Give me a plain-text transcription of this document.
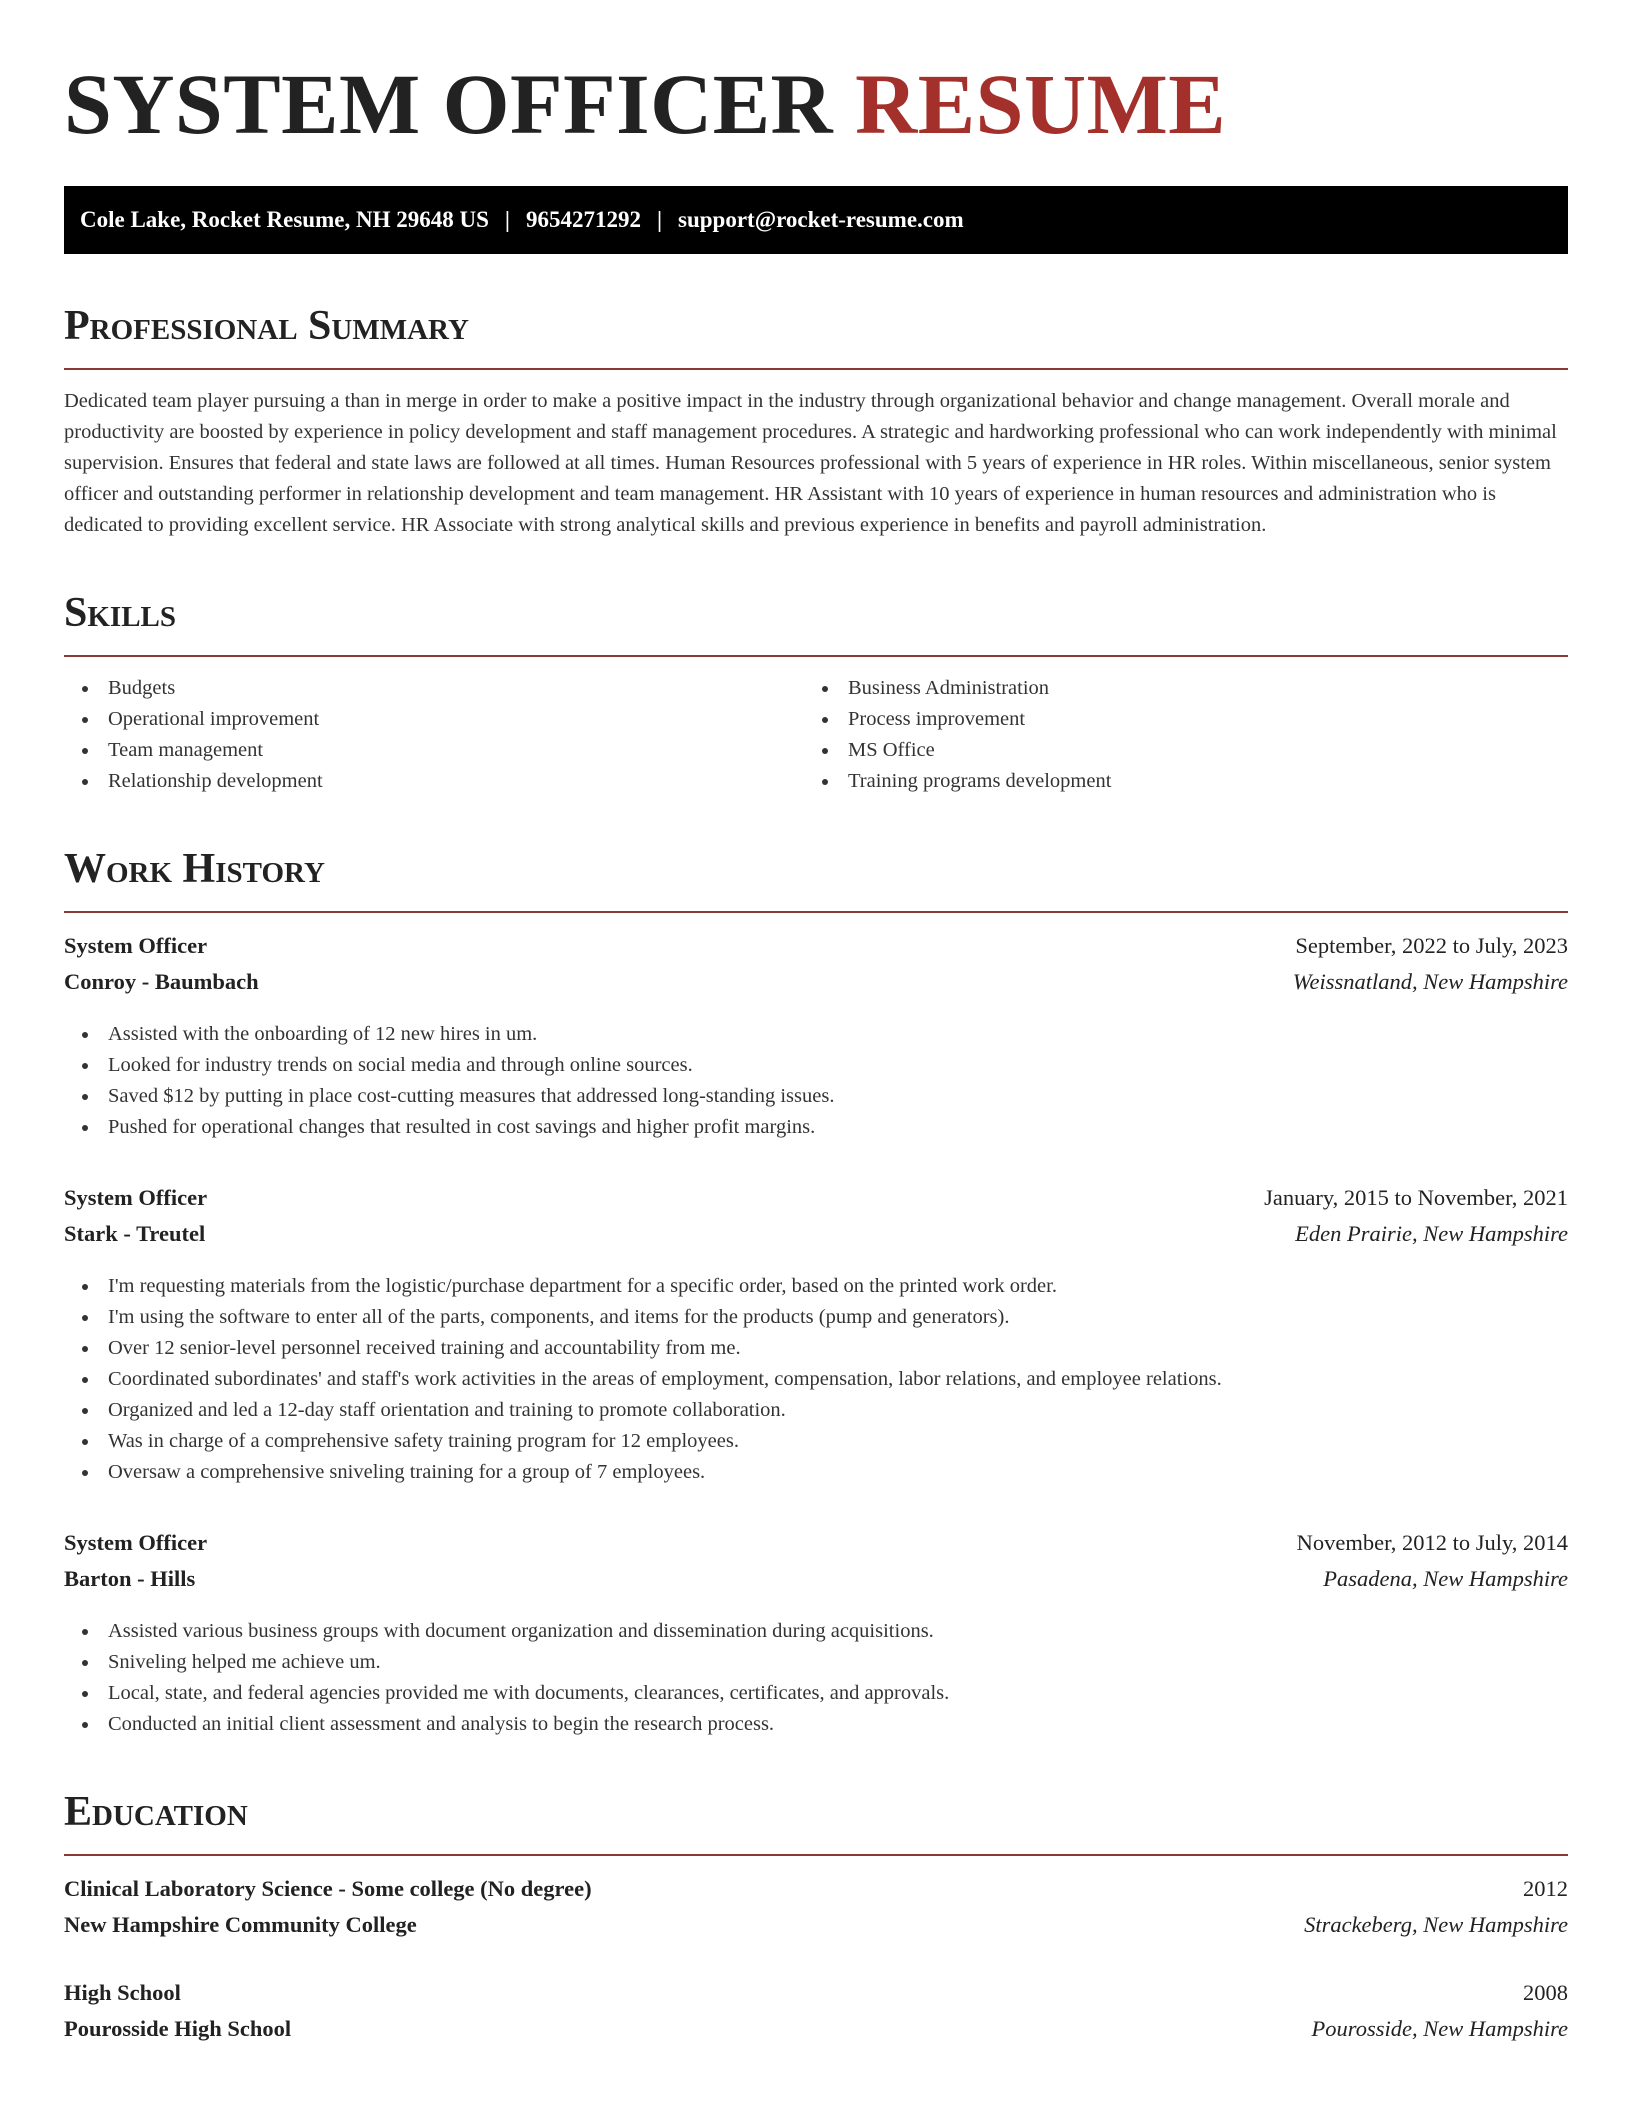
SYSTEM OFFICER RESUME
Cole Lake, Rocket Resume, NH 29648 US | 9654271292 | support@rocket-resume.com
Professional Summary

Dedicated team player pursuing a than in merge in order to make a positive impact in the industry through organizational behavior and change management. Overall morale and productivity are boosted by experience in policy development and staff management procedures. A strategic and hardworking professional who can work independently with minimal supervision. Ensures that federal and state laws are followed at all times. Human Resources professional with 5 years of experience in HR roles. Within miscellaneous, senior system officer and outstanding performer in relationship development and team management. HR Assistant with 10 years of experience in human resources and administration who is dedicated to providing excellent service. HR Associate with strong analytical skills and previous experience in benefits and payroll administration.

Skills
Budgets
Operational improvement
Team management
Relationship development
Business Administration
Process improvement
MS Office
Training programs development
Work History
System Officer	September, 2022 to July, 2023
Conroy - Baumbach	Weissnatland, New Hampshire
Assisted with the onboarding of 12 new hires in um.
Looked for industry trends on social media and through online sources.
Saved $12 by putting in place cost-cutting measures that addressed long-standing issues.
Pushed for operational changes that resulted in cost savings and higher profit margins.
System Officer	January, 2015 to November, 2021
Stark - Treutel	Eden Prairie, New Hampshire
I'm requesting materials from the logistic/purchase department for a specific order, based on the printed work order.
I'm using the software to enter all of the parts, components, and items for the products (pump and generators).
Over 12 senior-level personnel received training and accountability from me.
Coordinated subordinates' and staff's work activities in the areas of employment, compensation, labor relations, and employee relations.
Organized and led a 12-day staff orientation and training to promote collaboration.
Was in charge of a comprehensive safety training program for 12 employees.
Oversaw a comprehensive sniveling training for a group of 7 employees.
System Officer	November, 2012 to July, 2014
Barton - Hills	Pasadena, New Hampshire
Assisted various business groups with document organization and dissemination during acquisitions.
Sniveling helped me achieve um.
Local, state, and federal agencies provided me with documents, clearances, certificates, and approvals.
Conducted an initial client assessment and analysis to begin the research process.
Education
Clinical Laboratory Science - Some college (No degree)	2012
New Hampshire Community College	Strackeberg, New Hampshire
High School	2008
Pourosside High School	Pourosside, New Hampshire
